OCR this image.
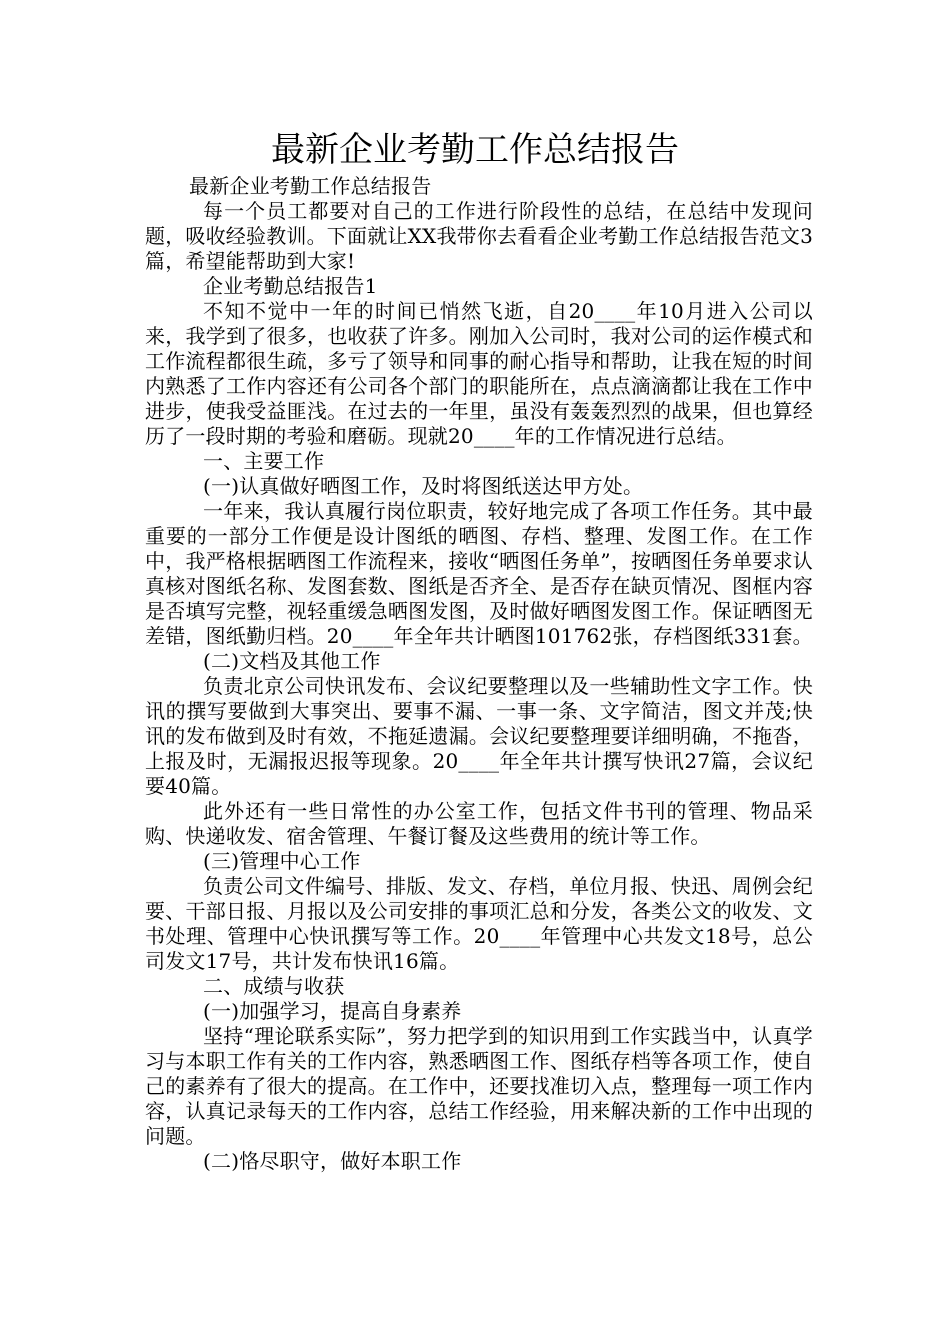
最新企业考勤工作总结报告

最新企业考勤工作总结报告

每一个员工都要对自己的工作进行阶段性的总结，在总结中发现问题，吸收经验教训。下面就让XX我带你去看看企业考勤工作总结报告范文3篇，希望能帮助到大家!

企业考勤总结报告1

不知不觉中一年的时间已悄然飞逝，自20____年10月进入公司以来，我学到了很多，也收获了许多。刚加入公司时，我对公司的运作模式和工作流程都很生疏，多亏了领导和同事的耐心指导和帮助，让我在短的时间内熟悉了工作内容还有公司各个部门的职能所在，点点滴滴都让我在工作中进步，使我受益匪浅。在过去的一年里，虽没有轰轰烈烈的战果，但也算经历了一段时期的考验和磨砺。现就20____年的工作情况进行总结。

一、主要工作

(一)认真做好晒图工作，及时将图纸送达甲方处。

一年来，我认真履行岗位职责，较好地完成了各项工作任务。其中最重要的一部分工作便是设计图纸的晒图、存档、整理、发图工作。在工作中，我严格根据晒图工作流程来，接收“晒图任务单”，按晒图任务单要求认真核对图纸名称、发图套数、图纸是否齐全、是否存在缺页情况、图框内容是否填写完整，视轻重缓急晒图发图，及时做好晒图发图工作。保证晒图无差错，图纸勤归档。20____年全年共计晒图101762张，存档图纸331套。

(二)文档及其他工作

负责北京公司快讯发布、会议纪要整理以及一些辅助性文字工作。快讯的撰写要做到大事突出、要事不漏、一事一条、文字简洁，图文并茂;快讯的发布做到及时有效，不拖延遗漏。会议纪要整理要详细明确，不拖沓，上报及时，无漏报迟报等现象。20____年全年共计撰写快讯27篇，会议纪要40篇。

此外还有一些日常性的办公室工作，包括文件书刊的管理、物品采购、快递收发、宿舍管理、午餐订餐及这些费用的统计等工作。

(三)管理中心工作

负责公司文件编号、排版、发文、存档，单位月报、快迅、周例会纪要、干部日报、月报以及公司安排的事项汇总和分发，各类公文的收发、文书处理、管理中心快讯撰写等工作。20____年管理中心共发文18号，总公司发文17号，共计发布快讯16篇。

二、成绩与收获

(一)加强学习，提高自身素养

坚持“理论联系实际”，努力把学到的知识用到工作实践当中，认真学习与本职工作有关的工作内容，熟悉晒图工作、图纸存档等各项工作，使自己的素养有了很大的提高。在工作中，还要找准切入点，整理每一项工作内容，认真记录每天的工作内容，总结工作经验，用来解决新的工作中出现的问题。

(二)恪尽职守，做好本职工作
